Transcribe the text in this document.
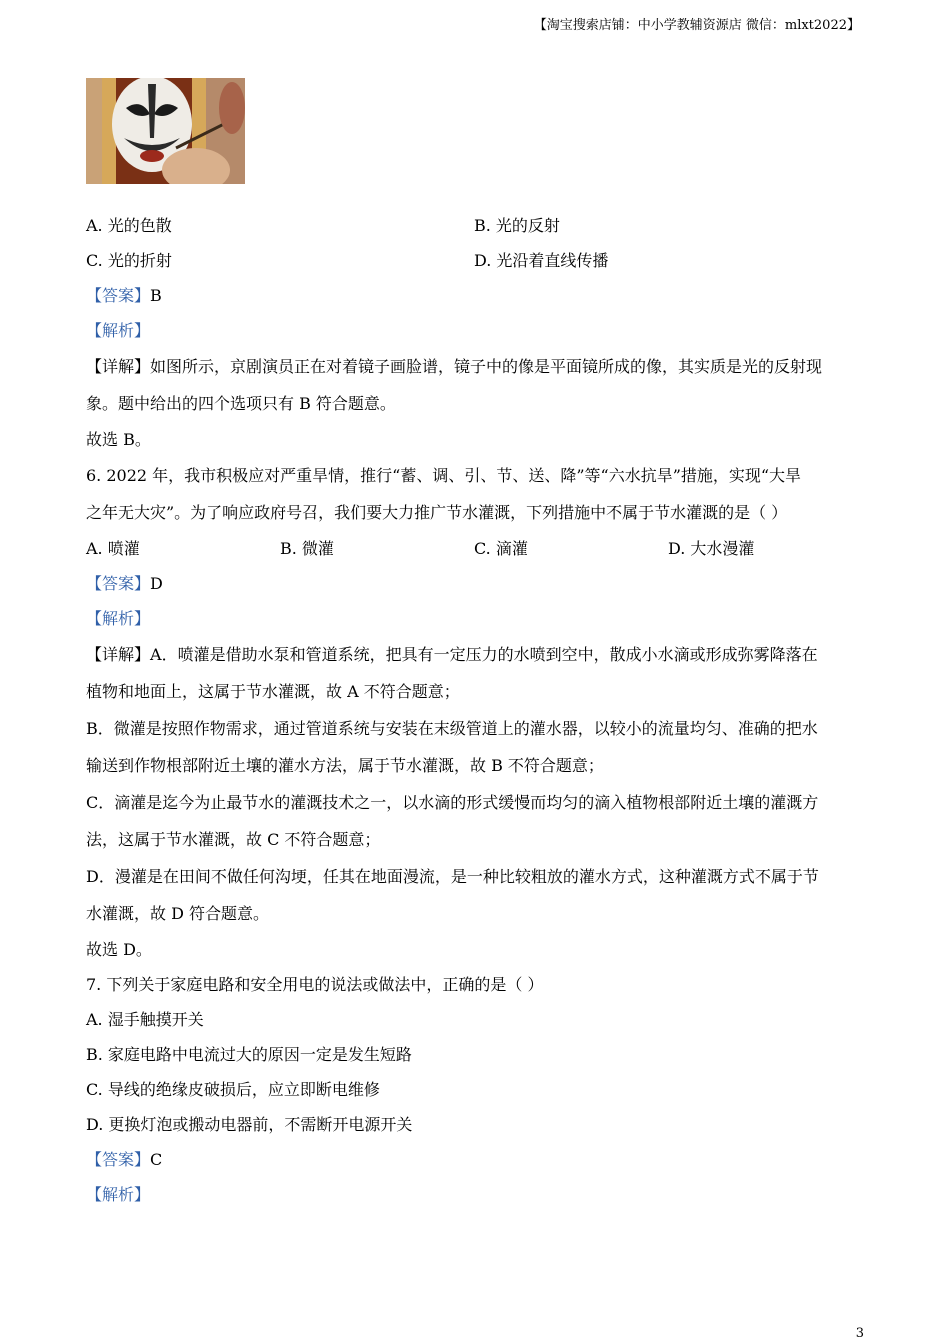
【淘宝搜索店铺：中小学教辅资源店 微信：mlxt2022】
A. 光的色散	B. 光的反射
C. 光的折射	D. 光沿着直线传播
【答案】B
【解析】
【详解】如图所示，京剧演员正在对着镜子画脸谱，镜子中的像是平面镜所成的像，其实质是光的反射现
象。题中给出的四个选项只有 B 符合题意。
故选 B。
6. 2022 年，我市积极应对严重旱情，推行“蓄、调、引、节、送、降”等“六水抗旱”措施，实现“大旱
之年无大灾”。为了响应政府号召，我们要大力推广节水灌溉，下列措施中不属于节水灌溉的是（ ）
A. 喷灌	B. 微灌	C. 滴灌	D. 大水漫灌
【答案】D
【解析】
【详解】A．喷灌是借助水泵和管道系统，把具有一定压力的水喷到空中，散成小水滴或形成弥雾降落在
植物和地面上，这属于节水灌溉，故 A 不符合题意；
B．微灌是按照作物需求，通过管道系统与安装在末级管道上的灌水器，以较小的流量均匀、准确的把水
输送到作物根部附近土壤的灌水方法，属于节水灌溉，故 B 不符合题意；
C．滴灌是迄今为止最节水的灌溉技术之一，以水滴的形式缓慢而均匀的滴入植物根部附近土壤的灌溉方
法，这属于节水灌溉，故 C 不符合题意；
D．漫灌是在田间不做任何沟埂，任其在地面漫流，是一种比较粗放的灌水方式，这种灌溉方式不属于节
水灌溉，故 D 符合题意。
故选 D。
7. 下列关于家庭电路和安全用电的说法或做法中，正确的是（ ）
A. 湿手触摸开关
B. 家庭电路中电流过大的原因一定是发生短路
C. 导线的绝缘皮破损后，应立即断电维修
D. 更换灯泡或搬动电器前，不需断开电源开关
【答案】C
【解析】
3
